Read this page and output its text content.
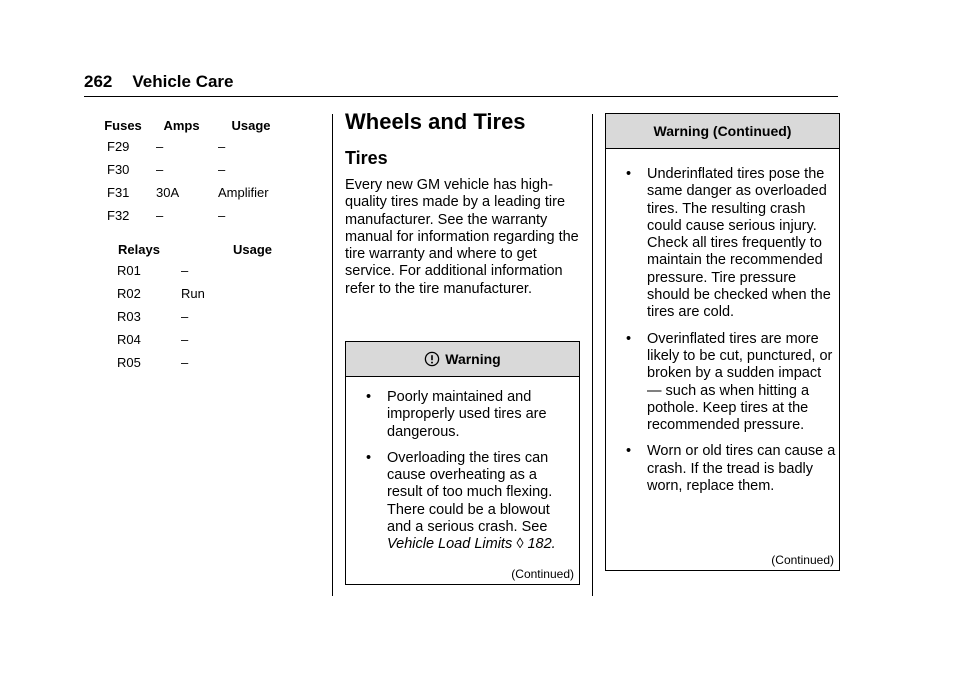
262 Vehicle Care
Fuses	Amps	Usage
F29	–	–
F30	–	–
F31	30A	Amplifier
F32	–	–
Relays	Usage
R01	–
R02	Run
R03	–
R04	–
R05	–
Wheels and Tires
Tires

Every new GM vehicle has high-quality tires made by a leading tire manufacturer. See the warranty manual for information regarding the tire warranty and where to get service. For additional information refer to the tire manufacturer.

Warning
• Poorly maintained and improperly used tires are dangerous.
• Overloading the tires can cause overheating as a result of too much flexing. There could be a blowout and a serious crash. See Vehicle Load Limits ◊ 182.
(Continued)
Warning (Continued)
• Underinflated tires pose the same danger as overloaded tires. The resulting crash could cause serious injury. Check all tires frequently to maintain the recommended pressure. Tire pressure should be checked when the tires are cold.
• Overinflated tires are more likely to be cut, punctured, or broken by a sudden impact — such as when hitting a pothole. Keep tires at the recommended pressure.
• Worn or old tires can cause a crash. If the tread is badly worn, replace them.
(Continued)
